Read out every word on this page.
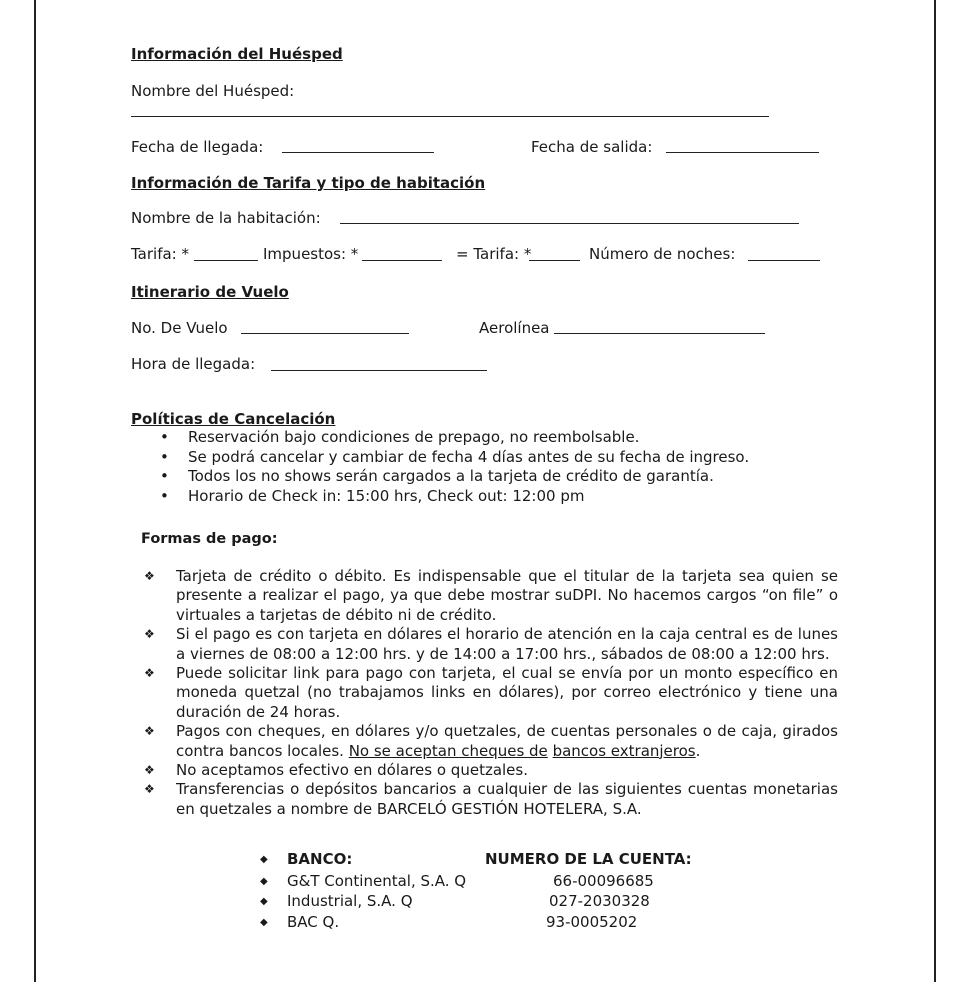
Información del Huésped
Nombre del Huésped:
Fecha de llegada:	Fecha de salida:
Información de Tarifa y tipo de habitación
Nombre de la habitación:
Tarifa: *	Impuestos: *	= Tarifa: *	Número de noches:
Itinerario de Vuelo
No. De Vuelo	Aerolínea
Hora de llegada:
Políticas de Cancelación
• Reservación bajo condiciones de prepago, no reembolsable.
• Se podrá cancelar y cambiar de fecha 4 días antes de su fecha de ingreso.
• Todos los no shows serán cargados a la tarjeta de crédito de garantía.
• Horario de Check in: 15:00 hrs, Check out: 12:00 pm
Formas de pago:
❖ Tarjeta de crédito o débito. Es indispensable que el titular de la tarjeta sea quien se presente a realizar el pago, ya que debe mostrar suDPI. No hacemos cargos “on file” o virtuales a tarjetas de débito ni de crédito.
❖ Si el pago es con tarjeta en dólares el horario de atención en la caja central es de lunes a viernes de 08:00 a 12:00 hrs. y de 14:00 a 17:00 hrs., sábados de 08:00 a 12:00 hrs.
❖ Puede solicitar link para pago con tarjeta, el cual se envía por un monto específico en moneda quetzal (no trabajamos links en dólares), por correo electrónico y tiene una duración de 24 horas.
❖ Pagos con cheques, en dólares y/o quetzales, de cuentas personales o de caja, girados contra bancos locales. No se aceptan cheques de bancos extranjeros.
❖ No aceptamos efectivo en dólares o quetzales.
❖ Transferencias o depósitos bancarios a cualquier de las siguientes cuentas monetarias en quetzales a nombre de BARCELÓ GESTIÓN HOTELERA, S.A.
◆ BANCO:	NUMERO DE LA CUENTA:
◆ G&T Continental, S.A. Q	66-00096685
◆ Industrial, S.A. Q	027-2030328
◆ BAC Q.	93-0005202
